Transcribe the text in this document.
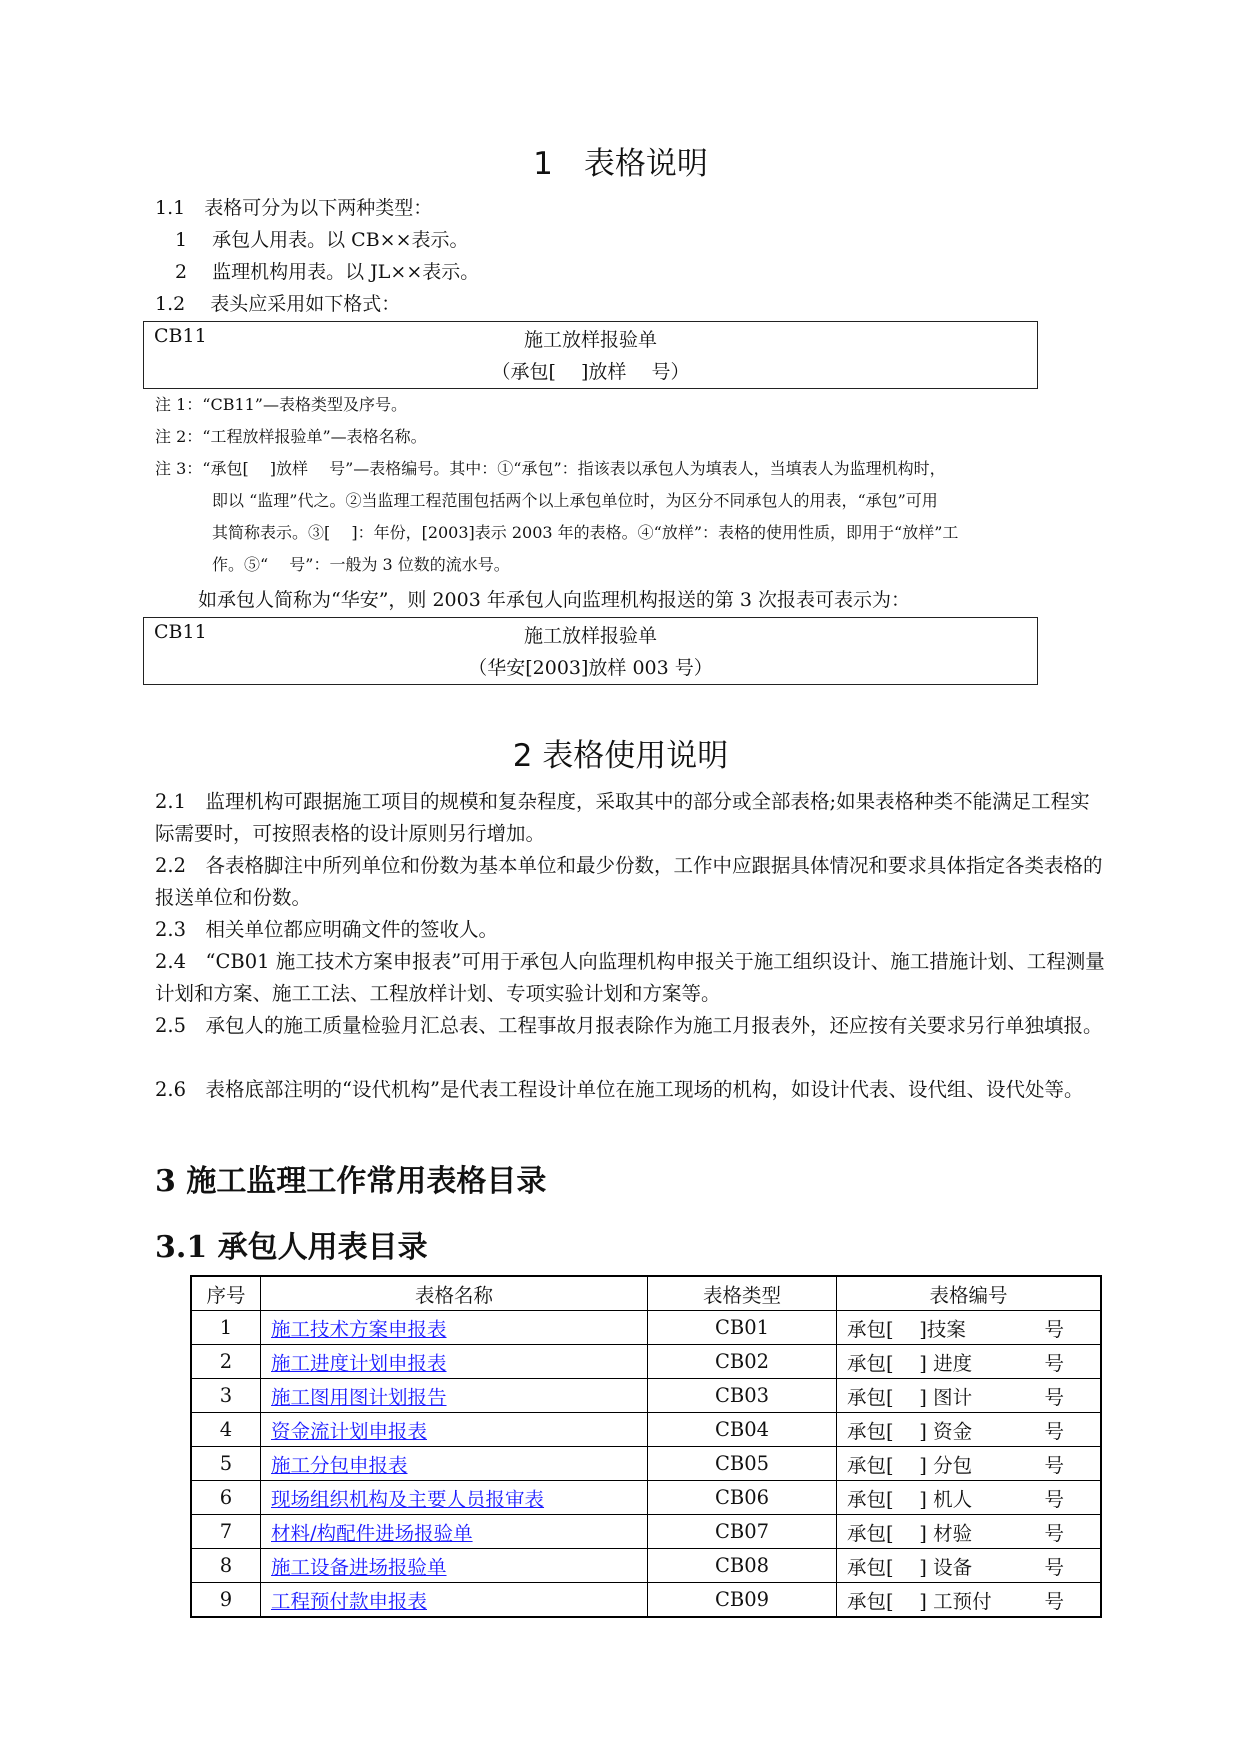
1　表格说明
1.1　表格可分为以下两种类型：
1　 承包人用表。以 CB××表示。
2　 监理机构用表。以 JL××表示。
1.2　 表头应采用如下格式：
CB11	施工放样报验单
（承包[　 ]放样　 号）
注 1：“CB11”—表格类型及序号。
注 2：“工程放样报验单”—表格名称。
注 3：“承包[　 ]放样 　号”—表格编号。其中：①“承包”：指该表以承包人为填表人，当填表人为监理机构时，
即以 “监理”代之。②当监理工程范围包括两个以上承包单位时，为区分不同承包人的用表，“承包”可用
其简称表示。③[　 ]：年份，[2003]表示 2003 年的表格。④“放样”：表格的使用性质，即用于“放样”工
作。⑤“　 号”：一般为 3 位数的流水号。
如承包人简称为“华安”，则 2003 年承包人向监理机构报送的第 3 次报表可表示为：
CB11	施工放样报验单
（华安[2003]放样 003 号）
2 表格使用说明
2.1　监理机构可跟据施工项目的规模和复杂程度，采取其中的部分或全部表格;如果表格种类不能满足工程实际需要时，可按照表格的设计原则另行增加。
2.2　各表格脚注中所列单位和份数为基本单位和最少份数，工作中应跟据具体情况和要求具体指定各类表格的报送单位和份数。
2.3　相关单位都应明确文件的签收人。
2.4　“CB01 施工技术方案申报表”可用于承包人向监理机构申报关于施工组织设计、施工措施计划、工程测量计划和方案、施工工法、工程放样计划、专项实验计划和方案等。
2.5　承包人的施工质量检验月汇总表、工程事故月报表除作为施工月报表外，还应按有关要求另行单独填报。
2.6　表格底部注明的“设代机构”是代表工程设计单位在施工现场的机构，如设计代表、设代组、设代处等。
3 施工监理工作常用表格目录
3.1 承包人用表目录
序号	表格名称	表格类型	表格编号
1	施工技术方案申报表	CB01	承包[　 ]技案 号

2	施工进度计划申报表	CB02	承包[　 ] 进度 号

3	施工图用图计划报告	CB03	承包[　 ] 图计 号

4	资金流计划申报表	CB04	承包[　 ] 资金 号

5	施工分包申报表	CB05	承包[　 ] 分包 号

6	现场组织机构及主要人员报审表	CB06	承包[　 ] 机人 号

7	材料/构配件进场报验单	CB07	承包[　 ] 材验 号

8	施工设备进场报验单	CB08	承包[　 ] 设备 号

9	工程预付款申报表	CB09	承包[　 ] 工预付 号
